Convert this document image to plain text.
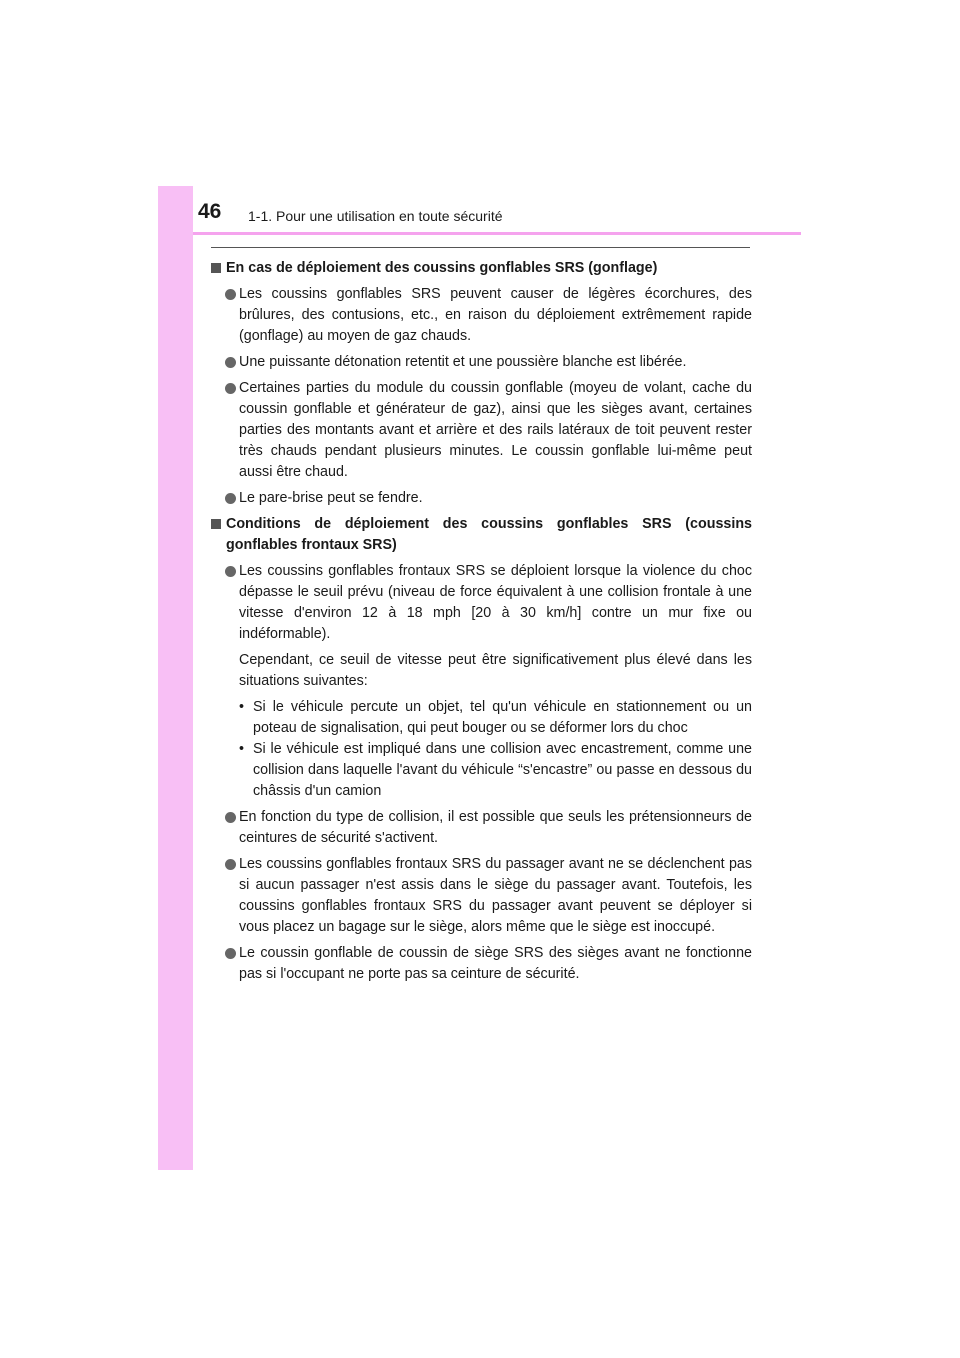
46 1-1. Pour une utilisation en toute sécurité
En cas de déploiement des coussins gonflables SRS (gonflage)
Les coussins gonflables SRS peuvent causer de légères écorchures, des brûlures, des contusions, etc., en raison du déploiement extrêmement rapide (gonflage) au moyen de gaz chauds.
Une puissante détonation retentit et une poussière blanche est libérée.
Certaines parties du module du coussin gonflable (moyeu de volant, cache du coussin gonflable et générateur de gaz), ainsi que les sièges avant, certaines parties des montants avant et arrière et des rails latéraux de toit peuvent rester très chauds pendant plusieurs minutes. Le coussin gonflable lui-même peut aussi être chaud.
Le pare-brise peut se fendre.
Conditions de déploiement des coussins gonflables SRS (coussins gonflables frontaux SRS)
Les coussins gonflables frontaux SRS se déploient lorsque la violence du choc dépasse le seuil prévu (niveau de force équivalent à une collision frontale à une vitesse d'environ 12 à 18 mph [20 à 30 km/h] contre un mur fixe ou indéformable).
Cependant, ce seuil de vitesse peut être significativement plus élevé dans les situations suivantes:
• Si le véhicule percute un objet, tel qu'un véhicule en stationnement ou un poteau de signalisation, qui peut bouger ou se déformer lors du choc
• Si le véhicule est impliqué dans une collision avec encastrement, comme une collision dans laquelle l'avant du véhicule “s'encastre” ou passe en dessous du châssis d'un camion
En fonction du type de collision, il est possible que seuls les prétensionneurs de ceintures de sécurité s'activent.
Les coussins gonflables frontaux SRS du passager avant ne se déclenchent pas si aucun passager n'est assis dans le siège du passager avant. Toutefois, les coussins gonflables frontaux SRS du passager avant peuvent se déployer si vous placez un bagage sur le siège, alors même que le siège est inoccupé.
Le coussin gonflable de coussin de siège SRS des sièges avant ne fonctionne pas si l'occupant ne porte pas sa ceinture de sécurité.
